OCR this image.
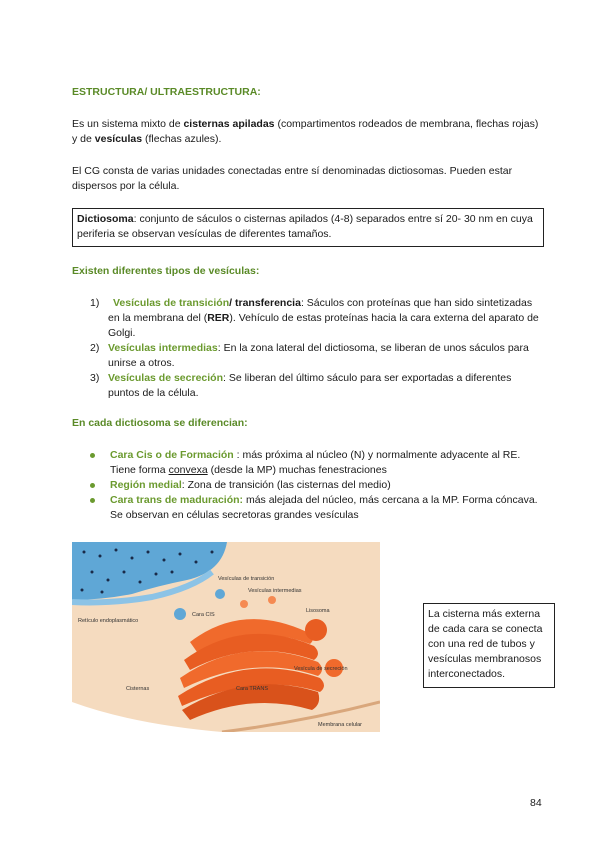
ESTRUCTURA/ ULTRAESTRUCTURA:
Es un sistema mixto de cisternas apiladas (compartimentos rodeados de membrana, flechas rojas) y de vesículas (flechas azules).
El CG consta de varias unidades conectadas entre sí denominadas dictiosomas. Pueden estar dispersos por la célula.
Dictiosoma: conjunto de sáculos o cisternas apilados (4-8) separados entre sí 20- 30 nm en cuya periferia se observan vesículas de diferentes tamaños.
Existen diferentes tipos de vesículas:
1) Vesículas de transición/ transferencia: Sáculos con proteínas que han sido sintetizadas en la membrana del (RER). Vehículo de estas proteínas hacia la cara externa del aparato de Golgi.
2) Vesículas intermedias: En la zona lateral del dictiosoma, se liberan de unos sáculos para unirse a otros.
3) Vesículas de secreción: Se liberan del último sáculo para ser exportadas a diferentes puntos de la célula.
En cada dictiosoma se diferencian:
Cara Cis o de Formación : más próxima al núcleo (N) y normalmente adyacente al RE. Tiene forma convexa (desde la MP) muchas fenestraciones
Región medial: Zona de transición (las cisternas del medio)
Cara trans de maduración: más alejada del núcleo, más cercana a la MP. Forma cóncava. Se observan en células secretoras grandes vesículas
Vesículas de transición
Vesículas intermedias
Lisosoma
Cara CIS
Retículo endoplasmático
Vesícula de secreción
Cisternas	Cara TRANS
Membrana celular
La cisterna más externa de cada cara se conecta con una red de tubos y vesículas membranosos interconectados.
84
